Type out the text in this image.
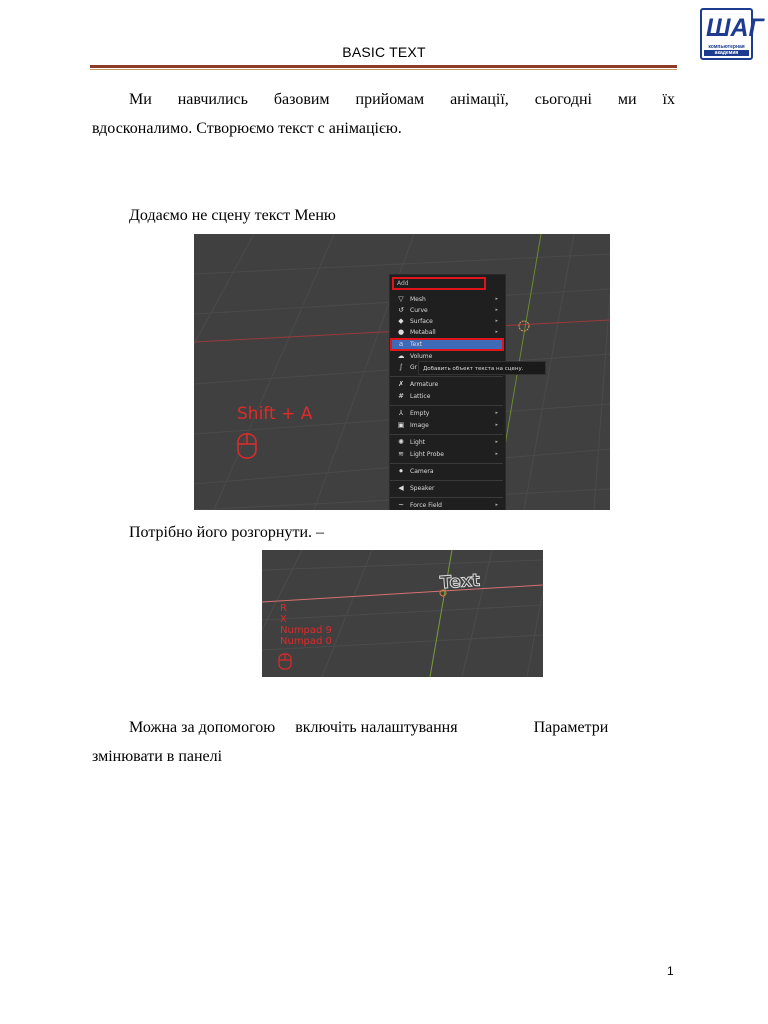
BASIC TEXT
ШАГ
компьютерная
академия
Ми навчились базовим прийомам анімації, сьогодні ми їх
вдосконалимо. Створюємо текст с анімацією.
Додаємо не сцену текст Меню
Shift + A
Add
▽ Mesh	▸
↺ Curve	▸
◆ Surface	▸
● Metaball	▸
a	Text
☁ Volume
∫	Gr
✗ Armature
# Lattice
⅄	Empty	▸
▣ Image	▸
✺ Light	▸
≋ Light Probe	▸
⏺	Camera
◀ Speaker
~ Force Field	▸
Добавить объект текста на сцену.
Потрібно його розгорнути. –
Text
R
X
Numpad 9
Numpad 0
Можна за допомогою     включіть налаштування                   Параметри
змінювати в панелі
1
